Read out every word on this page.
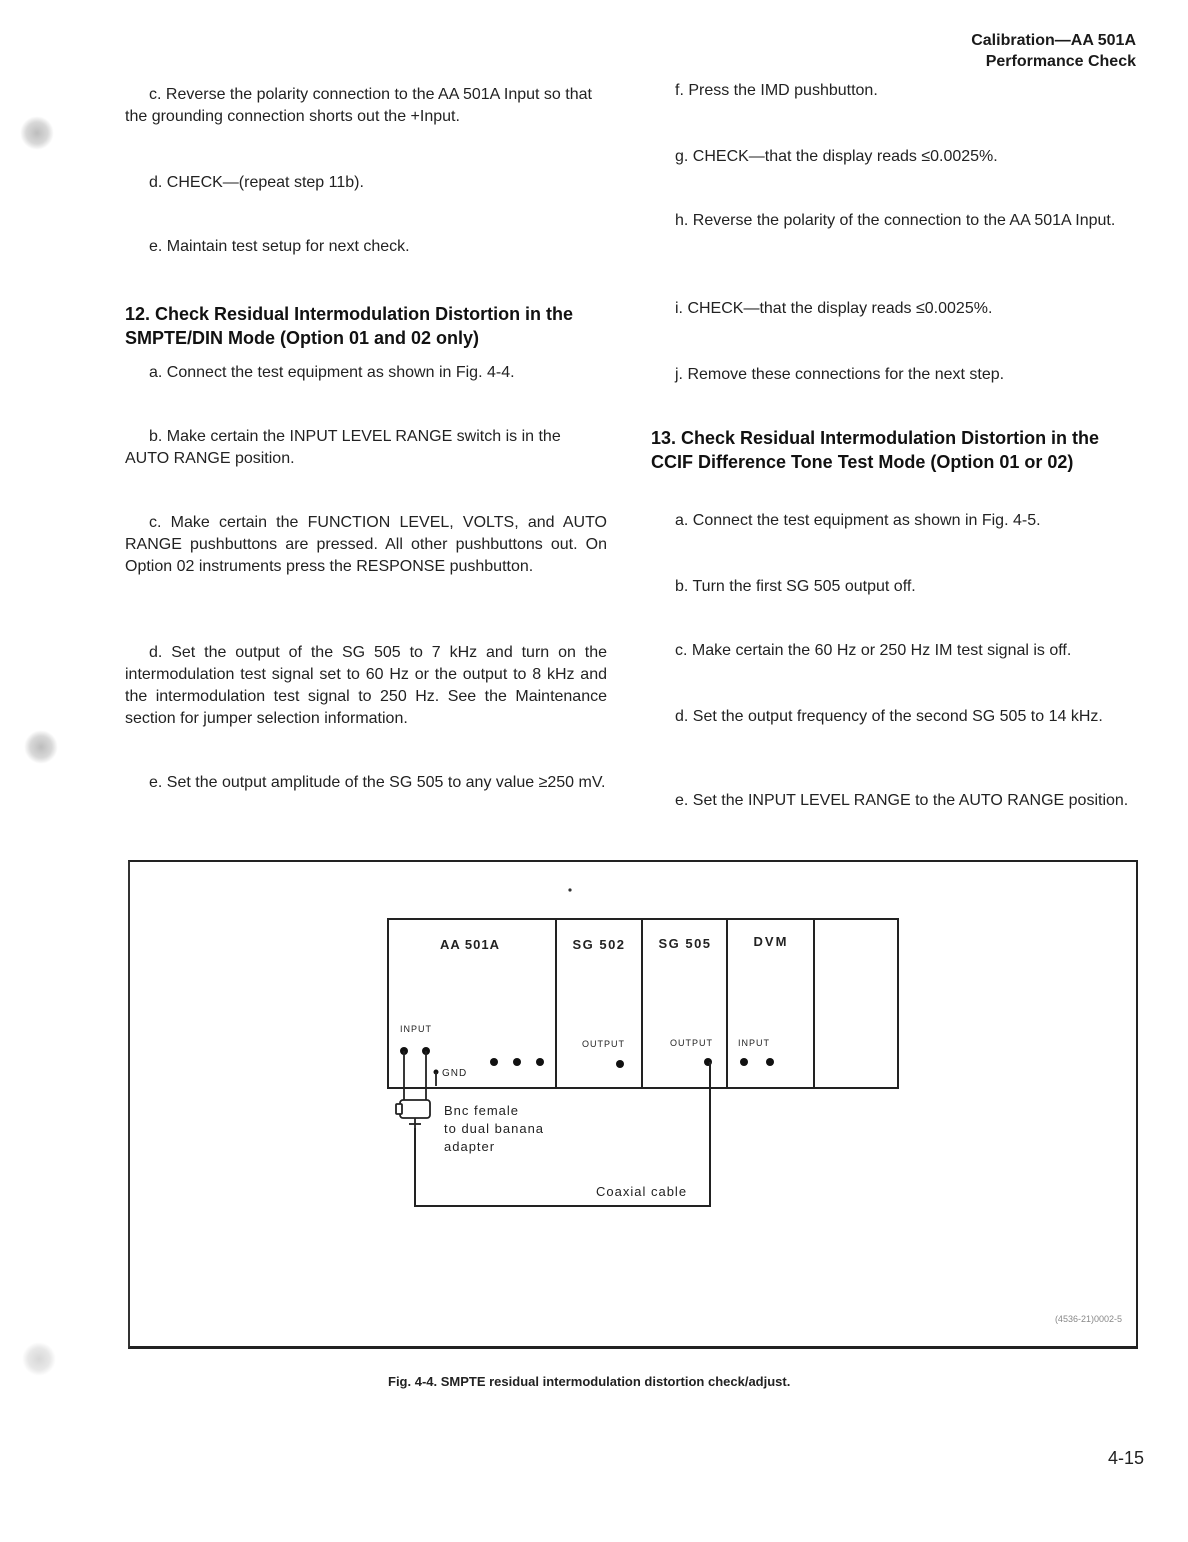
Calibration—AA 501A
Performance Check

c. Reverse the polarity connection to the AA 501A Input so that the grounding connection shorts out the +Input.

d. CHECK—(repeat step 11b).

e. Maintain test setup for next check.

12. Check Residual Intermodulation Distortion in the SMPTE/DIN Mode (Option 01 and 02 only)

a. Connect the test equipment as shown in Fig. 4-4.

b. Make certain the INPUT LEVEL RANGE switch is in the AUTO RANGE position.

c. Make certain the FUNCTION LEVEL, VOLTS, and AUTO RANGE pushbuttons are pressed. All other pushbuttons out. On Option 02 instruments press the RESPONSE pushbutton.

d. Set the output of the SG 505 to 7 kHz and turn on the intermodulation test signal set to 60 Hz or the output to 8 kHz and the intermodulation test signal to 250 Hz. See the Maintenance section for jumper selection information.

e. Set the output amplitude of the SG 505 to any value ≥250 mV.

f. Press the IMD pushbutton.

g. CHECK—that the display reads ≤0.0025%.

h. Reverse the polarity of the connection to the AA 501A Input.

i. CHECK—that the display reads ≤0.0025%.

j. Remove these connections for the next step.

13. Check Residual Intermodulation Distortion in the CCIF Difference Tone Test Mode (Option 01 or 02)

a. Connect the test equipment as shown in Fig. 4-5.

b. Turn the first SG 505 output off.

c. Make certain the 60 Hz or 250 Hz IM test signal is off.

d. Set the output frequency of the second SG 505 to 14 kHz.

e. Set the INPUT LEVEL RANGE to the AUTO RANGE position.

AA 501A	SG 502	SG 505	DVM
INPUT
GND
OUTPUT	OUTPUT	INPUT
Bnc female
to dual banana
adapter
Coaxial cable
(4536-21)0002-5
Fig. 4-4. SMPTE residual intermodulation distortion check/adjust.
4-15
